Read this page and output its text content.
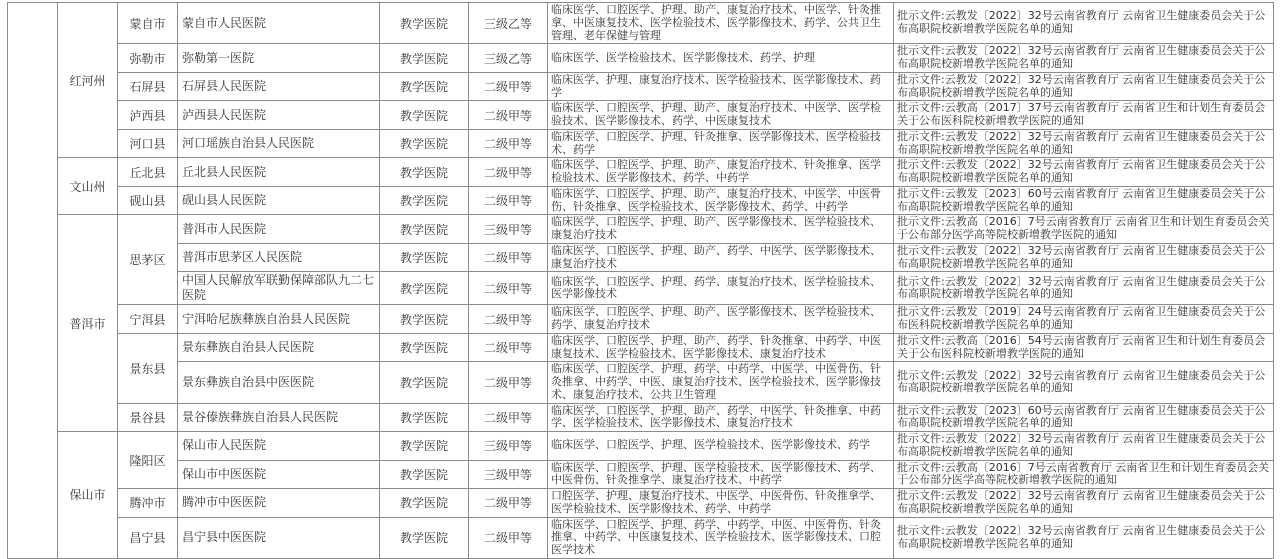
	红河州	蒙自市	蒙自市人民医院	教学医院	三级乙等	临床医学、口腔医学、护理、助产、康复治疗技术、中医学、针灸推拿、中医康复技术、医学检验技术、医学影像技术、药学、公共卫生管理、老年保健与管理	批示文件:云教发〔2022〕32号云南省教育厅 云南省卫生健康委员会关于公布高职院校新增教学医院名单的通知
		弥勒市	弥勒第一医院	教学医院	三级乙等	临床医学、医学检验技术、医学影像技术、药学、护理	批示文件:云教发〔2022〕32号云南省教育厅 云南省卫生健康委员会关于公布高职院校新增教学医院名单的通知
		石屏县	石屏县人民医院	教学医院	二级甲等	临床医学、护理、康复治疗技术、医学检验技术、医学影像技术、药学	批示文件:云教发〔2022〕32号云南省教育厅 云南省卫生健康委员会关于公布高职院校新增教学医院名单的通知
		泸西县	泸西县人民医院	教学医院	二级甲等	临床医学、口腔医学、护理、助产、康复治疗技术、中医学、医学检验技术、医学影像技术、药学、中医康复技术	批示文件:云教高〔2017〕37号云南省教育厅 云南省卫生和计划生育委员会关于公布医科院校新增教学医院的通知
		河口县	河口瑶族自治县人民医院	教学医院	二级甲等	临床医学、口腔医学、护理、针灸推拿、医学影像技术、医学检验技术、药学	批示文件:云教发〔2022〕32号云南省教育厅 云南省卫生健康委员会关于公布高职院校新增教学医院名单的通知
	文山州	丘北县	丘北县人民医院	教学医院	二级甲等	临床医学、口腔医学、护理、助产、康复治疗技术、针灸推拿、医学检验技术、医学影像技术、药学、中药学	批示文件:云教发〔2022〕32号云南省教育厅 云南省卫生健康委员会关于公布高职院校新增教学医院名单的通知
		砚山县	砚山县人民医院	教学医院	二级甲等	临床医学、口腔医学、护理、助产、康复治疗技术、中医学、中医骨伤、针灸推拿、医学检验技术、医学影像技术、药学、中药学	批示文件:云教发〔2023〕60号云南省教育厅 云南省卫生健康委员会关于公布高职院校新增教学医院名单的通知
	普洱市	思茅区	普洱市人民医院	教学医院	三级甲等	临床医学、口腔医学、护理、助产、医学影像技术、医学检验技术、康复治疗技术	批示文件:云教高〔2016〕7号云南省教育厅 云南省卫生和计划生育委员会关于公布部分医学高等院校新增教学医院的通知
			普洱市思茅区人民医院	教学医院	二级甲等	临床医学、口腔医学、护理、助产、药学、中医学、医学影像技术、康复治疗技术	批示文件:云教发〔2022〕32号云南省教育厅 云南省卫生健康委员会关于公布高职院校新增教学医院名单的通知
			中国人民解放军联勤保障部队九二七医院	教学医院	二级甲等	临床医学、口腔医学、护理、药学、康复治疗技术、医学检验技术、医学影像技术	批示文件:云教发〔2022〕32号云南省教育厅 云南省卫生健康委员会关于公布高职院校新增教学医院名单的通知
		宁洱县	宁洱哈尼族彝族自治县人民医院	教学医院	二级甲等	临床医学、口腔医学、护理、助产、医学影像技术、医学检验技术、药学、康复治疗技术	批示文件:云教发〔2019〕24号云南省教育厅 云南省卫生健康委员会关于公布医科院校新增教学医院名单的通知
		景东县	景东彝族自治县人民医院	教学医院	二级甲等	临床医学、口腔医学、护理、助产、药学、针灸推拿、中药学、中医康复技术、医学检验技术、医学影像技术、康复治疗技术	批示文件:云教高〔2016〕54号云南省教育厅 云南省卫生和计划生育委员会关于公布医科院校新增教学医院的通知
			景东彝族自治县中医医院	教学医院	二级甲等	临床医学、口腔医学、护理、药学、中药学、中医学、中医骨伤、针灸推拿、中药学、中医、康复治疗技术、医学检验技术、医学影像技术、康复治疗技术、公共卫生管理	批示文件:云教发〔2022〕32号云南省教育厅 云南省卫生健康委员会关于公布高职院校新增教学医院名单的通知
		景谷县	景谷傣族彝族自治县人民医院	教学医院	二级甲等	临床医学、口腔医学、护理、助产、药学、中医学、针灸推拿、中药学、医学检验技术、医学影像技术、康复治疗技术	批示文件:云教发〔2023〕60号云南省教育厅 云南省卫生健康委员会关于公布高职院校新增教学医院名单的通知
	保山市	隆阳区	保山市人民医院	教学医院	三级甲等	临床医学、口腔医学、护理、医学检验技术、医学影像技术、药学	批示文件:云教发〔2022〕32号云南省教育厅 云南省卫生健康委员会关于公布高职院校新增教学医院名单的通知
			保山市中医医院	教学医院	三级甲等	临床医学、口腔医学、护理、医学检验技术、医学影像技术、药学、中医骨伤、针灸推拿学、康复治疗技术、中药学	批示文件:云教高〔2016〕7号云南省教育厅 云南省卫生和计划生育委员会关于公布部分医学高等院校新增教学医院的通知
		腾冲市	腾冲市中医医院	教学医院	二级甲等	口腔医学、护理、康复治疗技术、中医学、中医骨伤、针灸推拿学、医学检验技术、医学影像技术、药学、中药学	批示文件:云教发〔2022〕32号云南省教育厅 云南省卫生健康委员会关于公布高职院校新增教学医院名单的通知
		昌宁县	昌宁县中医医院	教学医院	二级甲等	临床医学、口腔医学、护理、药学、中药学、中医、中医骨伤、针灸推拿、中药学、中医康复技术、医学检验技术、医学影像技术、口腔医学技术	批示文件:云教发〔2022〕32号云南省教育厅 云南省卫生健康委员会关于公布高职院校新增教学医院名单的通知
